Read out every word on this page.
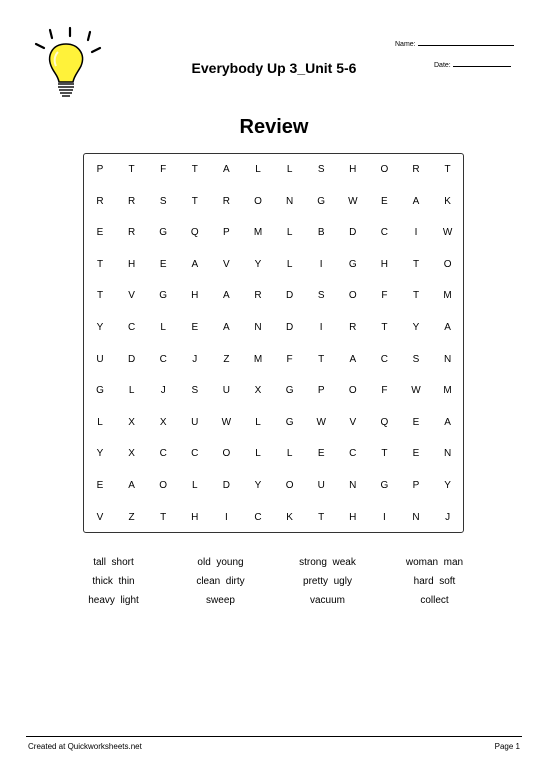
Everybody Up 3_Unit 5-6
Name:
Date:
Review
P	T	F	T	A	L	L	S	H	O	R	T
R	R	S	T	R	O	N	G	W	E	A	K
E	R	G	Q	P	M	L	B	D	C	I	W
T	H	E	A	V	Y	L	I	G	H	T	O
T	V	G	H	A	R	D	S	O	F	T	M
Y	C	L	E	A	N	D	I	R	T	Y	A
U	D	C	J	Z	M	F	T	A	C	S	N
G	L	J	S	U	X	G	P	O	F	W	M
L	X	X	U	W	L	G	W	V	Q	E	A
Y	X	C	C	O	L	L	E	C	T	E	N
E	A	O	L	D	Y	O	U	N	G	P	Y
V	Z	T	H	I	C	K	T	H	I	N	J
tall  short	old  young	strong  weak	woman  man
thick  thin	clean  dirty	pretty  ugly	hard  soft
heavy  light	sweep	vacuum	collect
Created at Quickworksheets.net	Page 1
